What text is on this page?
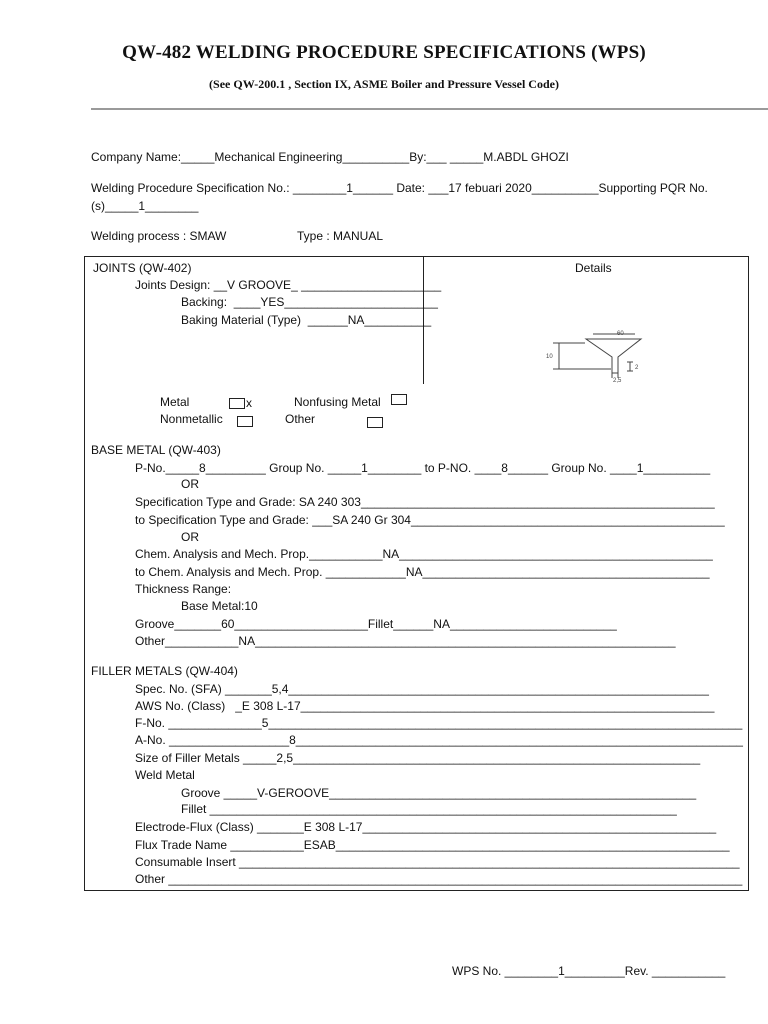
QW-482 WELDING PROCEDURE SPECIFICATIONS (WPS)
(See QW-200.1 , Section IX, ASME Boiler and Pressure Vessel Code)
Company Name:_____Mechanical Engineering__________By:___ _____M.ABDL GHOZI
Welding Procedure Specification No.: ________1______ Date: ___17 febuari 2020__________Supporting PQR No.
(s)_____1________
Welding process : SMAW	Type : MANUAL
JOINTS (QW-402)	Details
Joints Design: __V GROOVE_ _____________________
Backing:  ____YES_______________________
Baking Material (Type)  ______NA__________
60
10
2
2,5
Metal	x	Nonfusing Metal
Nonmetallic	Other
BASE METAL (QW-403)
P-No._____8_________ Group No. _____1________ to P-NO. ____8______ Group No. ____1__________
OR
Specification Type and Grade: SA 240 303_____________________________________________________
to Specification Type and Grade: ___SA 240 Gr 304_______________________________________________
OR
Chem. Analysis and Mech. Prop.___________NA_______________________________________________
to Chem. Analysis and Mech. Prop. ____________NA___________________________________________
Thickness Range:
Base Metal:10
Groove_______60____________________Fillet______NA_________________________
Other___________NA_______________________________________________________________
FILLER METALS (QW-404)
Spec. No. (SFA) _______5,4_______________________________________________________________
AWS No. (Class)   _E 308 L-17______________________________________________________________
F-No. ______________5_______________________________________________________________________
A-No. __________________8___________________________________________________________________
Size of Filler Metals _____2,5_____________________________________________________________
Weld Metal
Groove _____V-GEROOVE_______________________________________________________
Fillet ______________________________________________________________________
Electrode-Flux (Class) _______E 308 L-17_____________________________________________________
Flux Trade Name ___________ESAB___________________________________________________________
Consumable Insert ___________________________________________________________________________
Other ______________________________________________________________________________________
WPS No. ________1_________Rev. ___________
